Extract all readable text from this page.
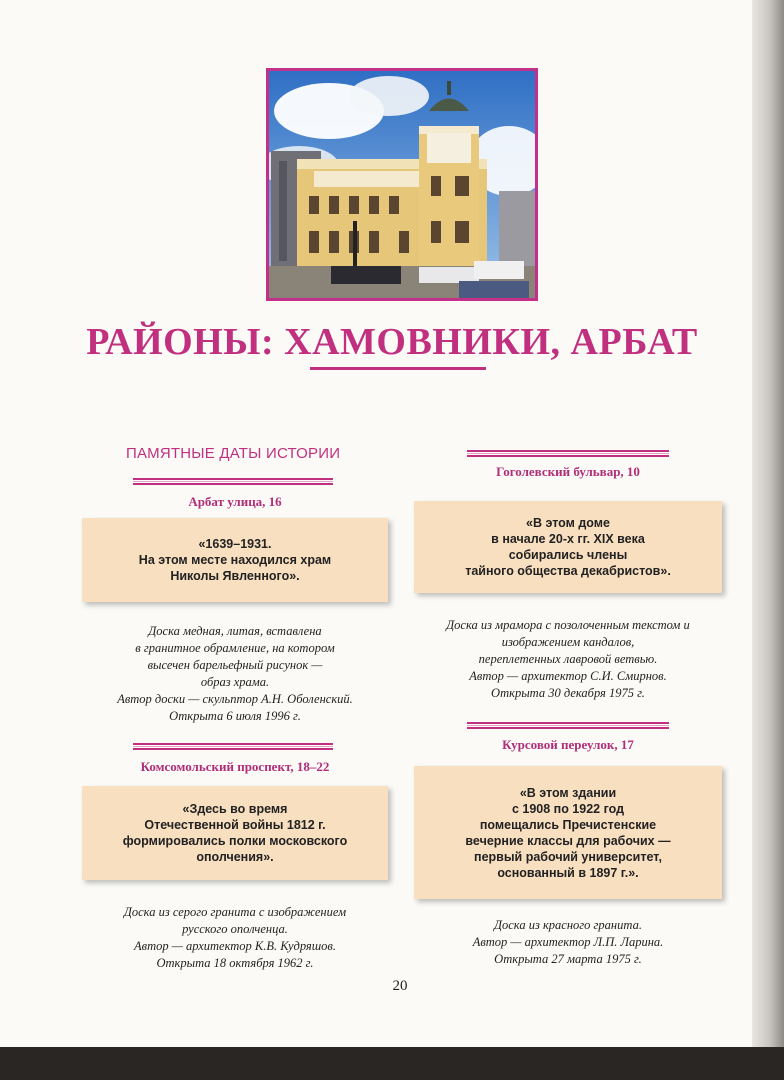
РАЙОНЫ: ХАМОВНИКИ, АРБАТ
ПАМЯТНЫЕ ДАТЫ ИСТОРИИ
Арбат улица, 16
«1639–1931.
На этом месте находился храм
Николы Явленного».
Доска медная, литая, вставлена
в гранитное обрамление, на котором
высечен барельефный рисунок —
образ храма.
Автор доски — скульптор А.Н. Оболенский.
Открыта 6 июля 1996 г.
Комсомольский проспект, 18–22
«Здесь во время
Отечественной войны 1812 г.
формировались полки московского
ополчения».
Доска из серого гранита с изображением
русского ополченца.
Автор — архитектор К.В. Кудряшов.
Открыта 18 октября 1962 г.
Гоголевский бульвар, 10
«В этом доме
в начале 20-х гг. XIX века
собирались члены
тайного общества декабристов».
Доска из мрамора с позолоченным текстом и
изображением кандалов,
переплетенных лавровой ветвью.
Автор — архитектор С.И. Смирнов.
Открыта 30 декабря 1975 г.
Курсовой переулок, 17
«В этом здании
с 1908 по 1922 год
помещались Пречистенские
вечерние классы для рабочих —
первый рабочий университет,
основанный в 1897 г.».
Доска из красного гранита.
Автор — архитектор Л.П. Ларина.
Открыта 27 марта 1975 г.
20
